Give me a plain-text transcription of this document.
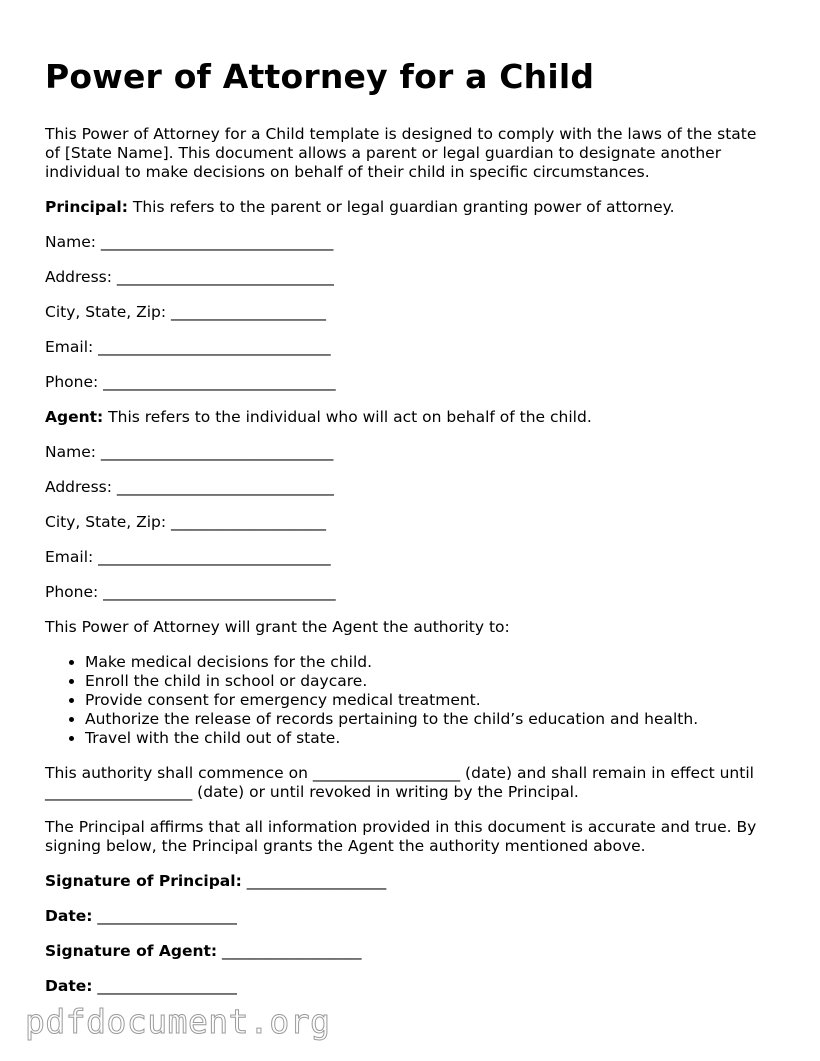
Power of Attorney for a Child

This Power of Attorney for a Child template is designed to comply with the laws of the state of [State Name]. This document allows a parent or legal guardian to designate another individual to make decisions on behalf of their child in specific circumstances.

Principal: This refers to the parent or legal guardian granting power of attorney.

Name: ______________________________

Address: ____________________________

City, State, Zip: ____________________

Email: ______________________________

Phone: ______________________________

Agent: This refers to the individual who will act on behalf of the child.

Name: ______________________________

Address: ____________________________

City, State, Zip: ____________________

Email: ______________________________

Phone: ______________________________

This Power of Attorney will grant the Agent the authority to:

• Make medical decisions for the child.
• Enroll the child in school or daycare.
• Provide consent for emergency medical treatment.
• Authorize the release of records pertaining to the child’s education and health.
• Travel with the child out of state.

This authority shall commence on ___________________ (date) and shall remain in effect until ___________________ (date) or until revoked in writing by the Principal.

The Principal affirms that all information provided in this document is accurate and true. By signing below, the Principal grants the Agent the authority mentioned above.

Signature of Principal: __________________

Date: __________________

Signature of Agent: __________________

Date: __________________

pdfdocument.org
